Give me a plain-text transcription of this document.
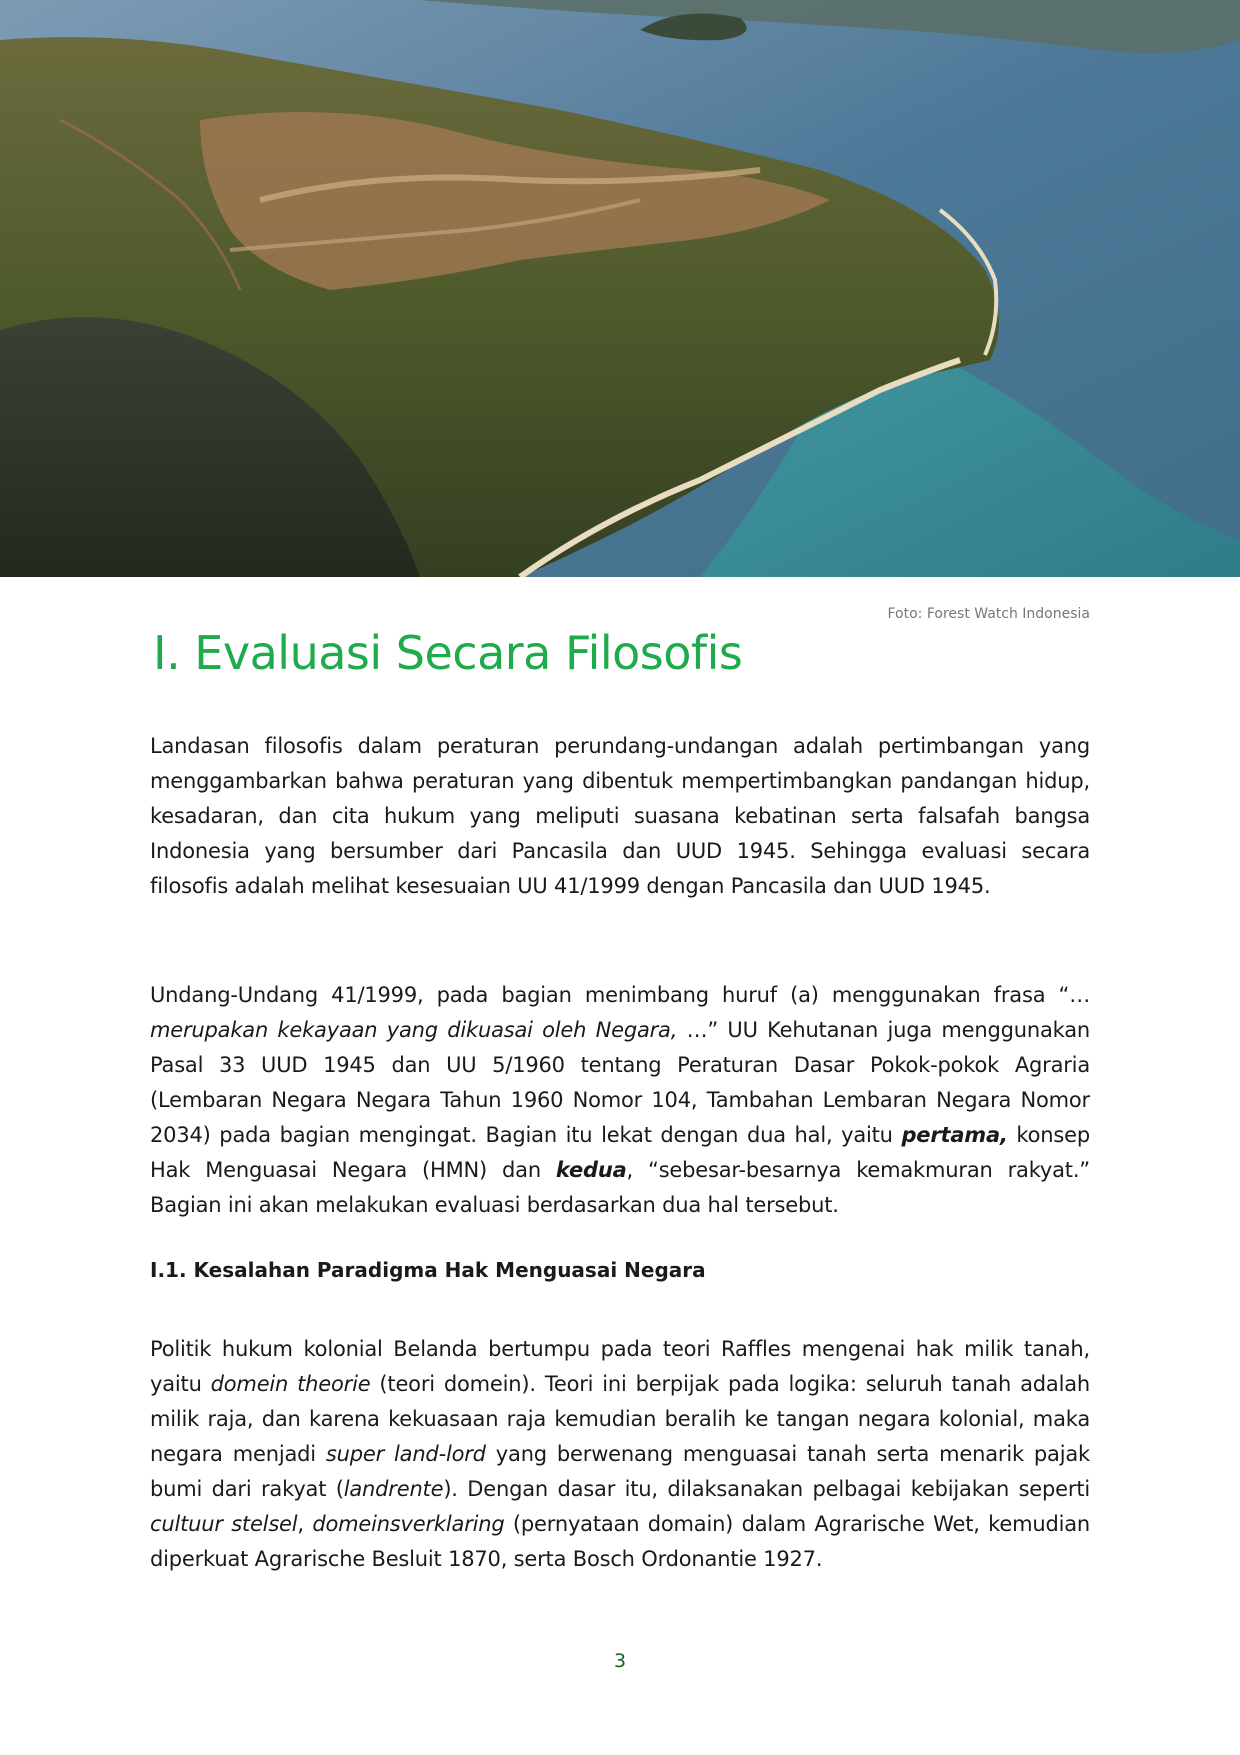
Foto: Forest Watch Indonesia
I. Evaluasi Secara Filosofis

Landasan filosofis dalam peraturan perundang-undangan adalah pertimbangan yang menggambarkan bahwa peraturan yang dibentuk mempertimbangkan pandangan hidup, kesadaran, dan cita hukum yang meliputi suasana kebatinan serta falsafah bangsa Indonesia yang bersumber dari Pancasila dan UUD 1945. Sehingga evaluasi secara filosofis adalah melihat kesesuaian UU 41/1999 dengan Pancasila dan UUD 1945.

Undang-Undang 41/1999, pada bagian menimbang huruf (a) menggunakan frasa “… merupakan kekayaan yang dikuasai oleh Negara, …” UU Kehutanan juga menggunakan Pasal 33 UUD 1945 dan UU 5/1960 tentang Peraturan Dasar Pokok-pokok Agraria (Lembaran Negara Negara Tahun 1960 Nomor 104, Tambahan Lembaran Negara Nomor 2034) pada bagian mengingat. Bagian itu lekat dengan dua hal, yaitu pertama, konsep Hak Menguasai Negara (HMN) dan kedua, “sebesar-besarnya kemakmuran rakyat.” Bagian ini akan melakukan evaluasi berdasarkan dua hal tersebut.

I.1. Kesalahan Paradigma Hak Menguasai Negara

Politik hukum kolonial Belanda bertumpu pada teori Raffles mengenai hak milik tanah, yaitu domein theorie (teori domein). Teori ini berpijak pada logika: seluruh tanah adalah milik raja, dan karena kekuasaan raja kemudian beralih ke tangan negara kolonial, maka negara menjadi super land-lord yang berwenang menguasai tanah serta menarik pajak bumi dari rakyat (landrente). Dengan dasar itu, dilaksanakan pelbagai kebijakan seperti cultuur stelsel, domeinsverklaring (pernyataan domain) dalam Agrarische Wet, kemudian diperkuat Agrarische Besluit 1870, serta Bosch Ordonantie 1927.

3
